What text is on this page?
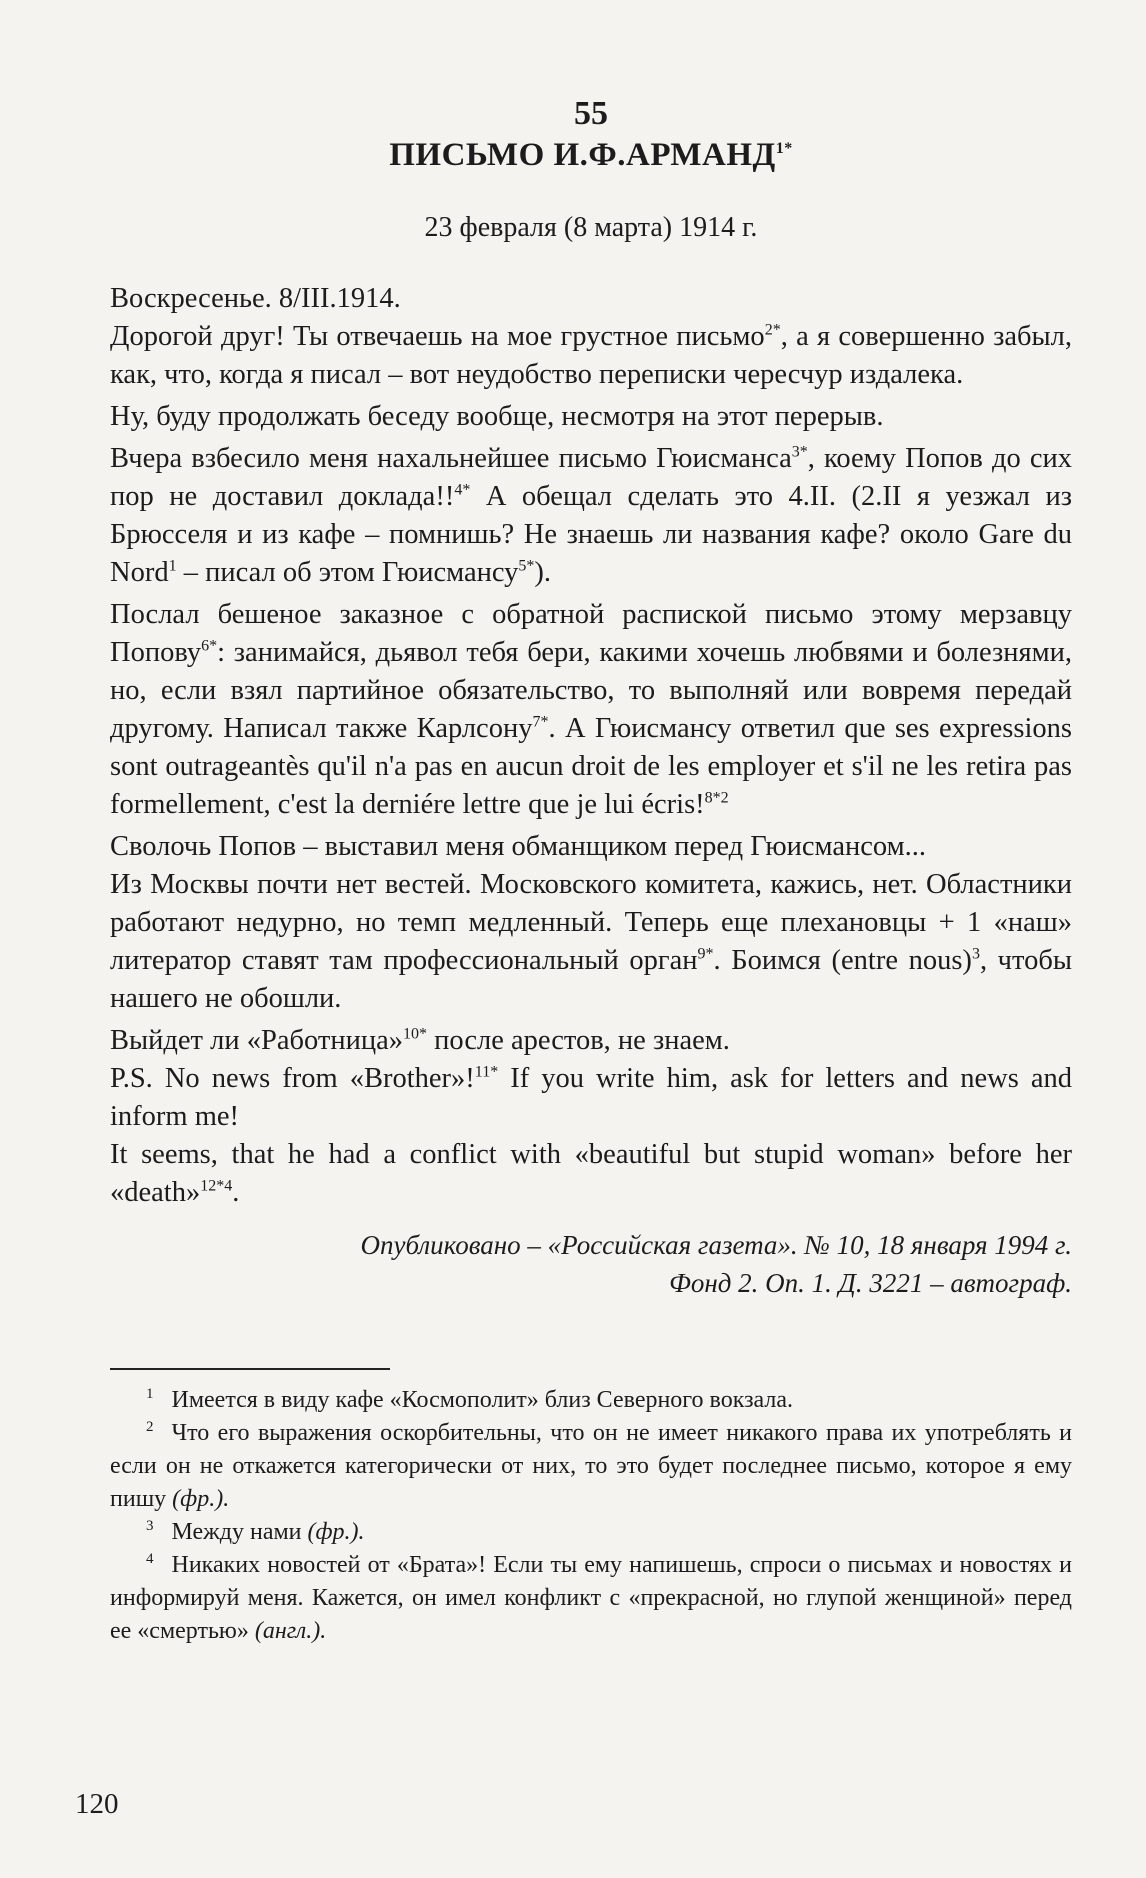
55
ПИСЬМО $И.Ф.АРМАНД^{1*}$
23 февраля (8 марта) 1914 г.

Воскресенье. 8/III.1914.

Дорогой друг! Ты отвечаешь на мое грустное письмо$^{2*}$, а я совершенно забыл, как, что, когда я писал – вот неудобство переписки чересчур издалека.

Ну, буду продолжать беседу вообще, несмотря на этот перерыв.

Вчера взбесило меня нахальнейшее письмо Гюисманса$^{3*}$, коему Попов до сих пор не доставил доклада!!$^{4*}$ А обещал сделать это 4.II. (2.II я уезжал из Брюсселя и из кафе – помнишь? Не знаешь ли названия кафе? около Gare du Nord$^1$ – писал об этом Гюисмансу$^{5*}$).

Послал бешеное заказное с обратной распиской письмо этому мерзавцу Попову$^{6*}$: занимайся, дьявол тебя бери, какими хочешь любвями и болезнями, но, если взял партийное обязательство, то выполняй или вовремя передай другому. Написал также Карлсону$^{7*}$. А Гюисмансу ответил que ses expressions sont outrageantès qu'il n'a pas en aucun droit de les employer et s'il ne les retira pas formellement, c'est la derniére lettre que je lui écris!$^{8*2}$

Сволочь Попов – выставил меня обманщиком перед Гюисмансом...

Из Москвы почти нет вестей. Московского комитета, кажись, нет. Областники работают недурно, но темп медленный. Теперь еще плехановцы + 1 «наш» литератор ставят там профессиональный орган$^{9*}$. Боимся (entre nous)$^3$, чтобы нашего не обошли.

Выйдет ли «Работница»$^{10*}$ после арестов, не знаем.

P.S. No news from «Brother»!$^{11*}$ If you write him, ask for letters and news and inform me!

It seems, that he had a conflict with «beautiful but stupid woman» before her «death»$^{12*4}$.

Опубликовано – «Российская газета». № 10, 18 января 1994 г.
Фонд 2. Оп. 1. Д. 3221 – автограф.

$^1$ Имеется в виду кафе «Космополит» близ Северного вокзала.

$^2$ Что его выражения оскорбительны, что он не имеет никакого права их употреблять и если он не откажется категорически от них, то это будет последнее письмо, которое я ему пишу (фр.).

$^3$ Между нами (фр.).

$^4$ Никаких новостей от «Брата»! Если ты ему напишешь, спроси о письмах и новостях и информируй меня. Кажется, он имел конфликт с «прекрасной, но глупой женщиной» перед ее «смертью» (англ.).

120
